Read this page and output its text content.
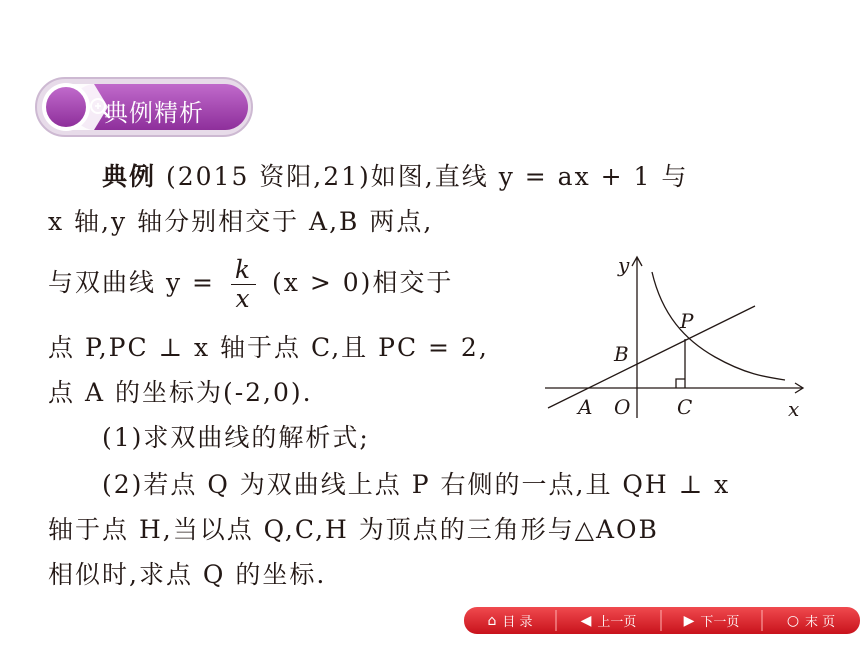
典例精析
典例 (2015 资阳,21)如图,直线 y = ax + 1 与
x 轴,y 轴分别相交于 A,B 两点,
与双曲线 $y = \frac{k}{x} (x > 0)$相交于
点 P,PC ⊥ x 轴于点 C,且 PC = 2,
点 A 的坐标为(-2,0).
(1)求双曲线的解析式;
(2)若点 Q 为双曲线上点 P 右侧的一点,且 QH ⊥ x
轴于点 H,当以点 Q,C,H 为顶点的三角形与△AOB
相似时,求点 Q 的坐标.
y
x
P
B
A O C
⌂ 目 录	◀ 上一页	▶ 下一页	○ 末 页
